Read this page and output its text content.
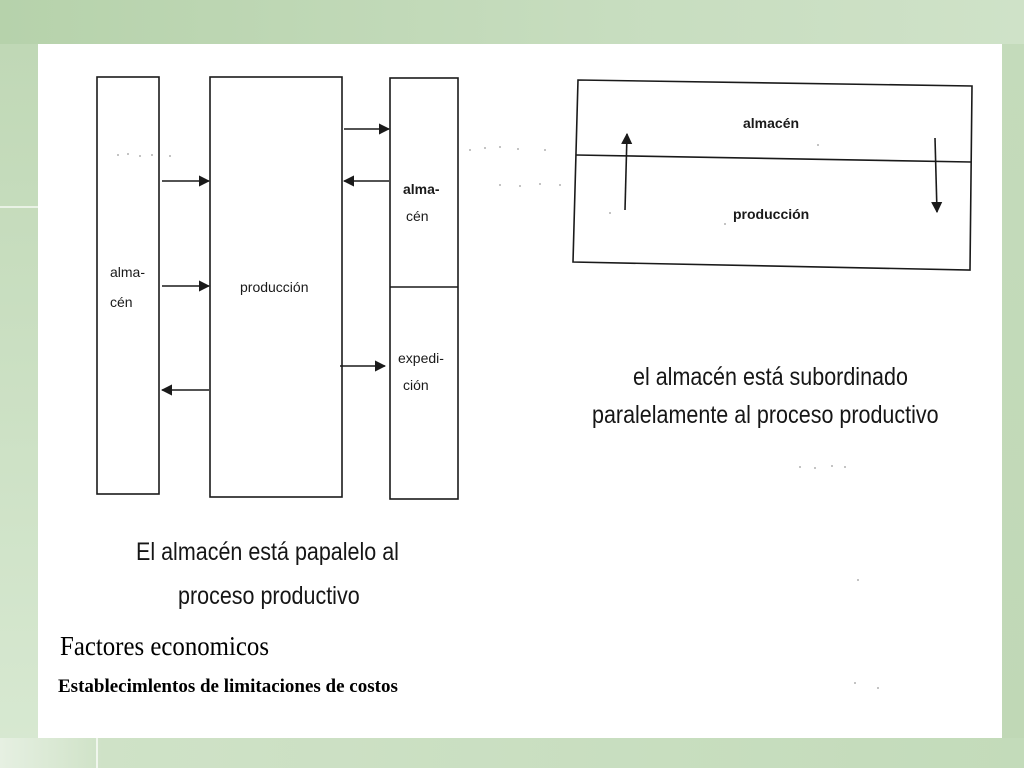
alma-
cén
producción
alma-
cén
expedi-
ción
El almacén está papalelo al
proceso productivo
almacén
producción
el almacén está subordinado
paralelamente al proceso productivo
Factores economicos
Establecimlentos de limitaciones de costos
